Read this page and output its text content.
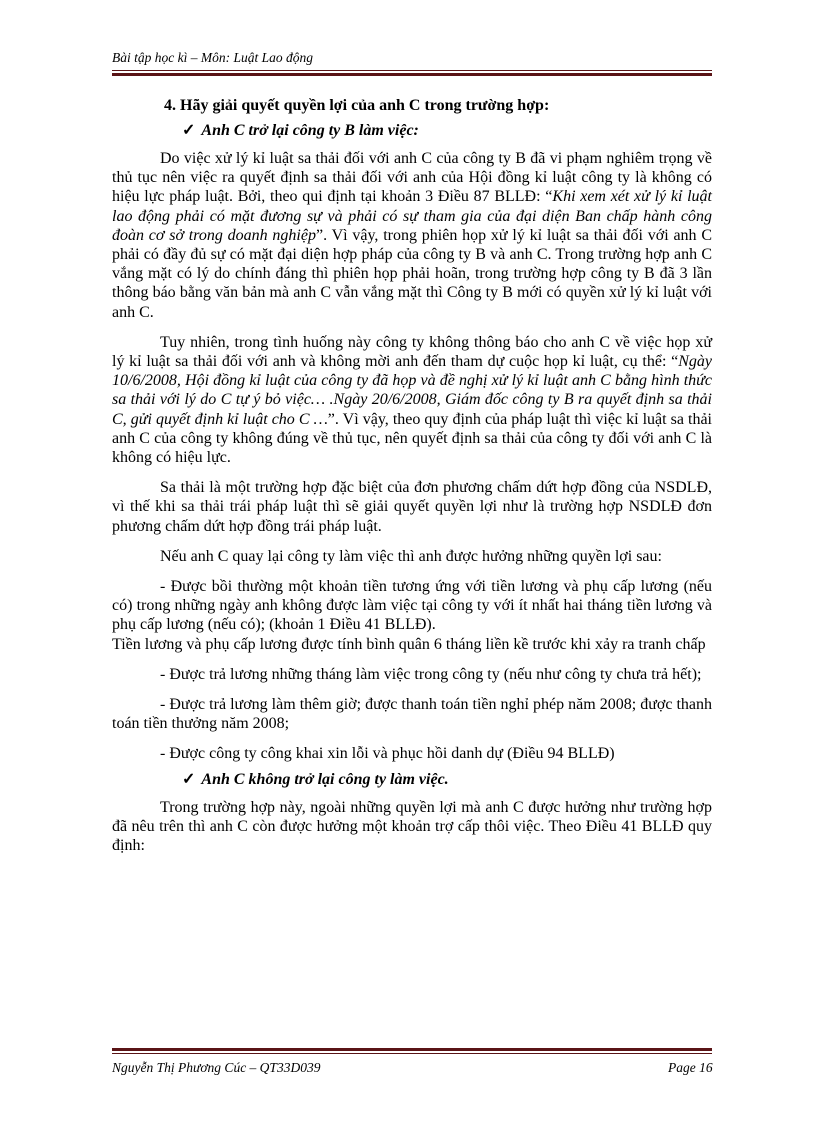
Bài tập học kì – Môn: Luật Lao động
4. Hãy giải quyết quyền lợi của anh C trong trường hợp:
✓ Anh C trở lại công ty B làm việc:

Do việc xử lý kỉ luật sa thải đối với anh C của công ty B đã vi phạm nghiêm trọng về thủ tục nên việc ra quyết định sa thải đối với anh của Hội đồng kỉ luật công ty là không có hiệu lực pháp luật. Bởi, theo qui định tại khoản 3 Điều 87 BLLĐ: “Khi xem xét xử lý kỉ luật lao động phải có mặt đương sự và phải có sự tham gia của đại diện Ban chấp hành công đoàn cơ sở trong doanh nghiệp”. Vì vậy, trong phiên họp xử lý kỉ luật sa thải đối với anh C phải có đầy đủ sự có mặt đại diện hợp pháp của công ty B và anh C. Trong trường hợp anh C vắng mặt có lý do chính đáng thì phiên họp phải hoãn, trong trường hợp công ty B đã 3 lần thông báo bằng văn bản mà anh C vẫn vắng mặt thì Công ty B mới có quyền xử lý kỉ luật với anh C.

Tuy nhiên, trong tình huống này công ty không thông báo cho anh C về việc họp xử lý kỉ luật sa thải đối với anh và không mời anh đến tham dự cuộc họp kỉ luật, cụ thể: “Ngày 10/6/2008, Hội đồng kỉ luật của công ty đã họp và đề nghị xử lý kỉ luật anh C bằng hình thức sa thải với lý do C tự ý bỏ việc… .Ngày 20/6/2008, Giám đốc công ty B ra quyết định sa thải C, gửi quyết định kỉ luật cho C …”. Vì vậy, theo quy định của pháp luật thì việc kỉ luật sa thải anh C của công ty không đúng về thủ tục, nên quyết định sa thải của công ty đối với anh C là không có hiệu lực.

Sa thải là một trường hợp đặc biệt của đơn phương chấm dứt hợp đồng của NSDLĐ, vì thế khi sa thải trái pháp luật thì sẽ giải quyết quyền lợi như là trường hợp NSDLĐ đơn phương chấm dứt hợp đồng trái pháp luật.

Nếu anh C quay lại công ty làm việc thì anh được hưởng những quyền lợi sau:

- Được bồi thường một khoản tiền tương ứng với tiền lương và phụ cấp lương (nếu có) trong những ngày anh không được làm việc tại công ty với ít nhất hai tháng tiền lương và phụ cấp lương (nếu có); (khoản 1 Điều 41 BLLĐ).

Tiền lương và phụ cấp lương được tính bình quân 6 tháng liền kề trước khi xảy ra tranh chấp

- Được trả lương những tháng làm việc trong công ty (nếu như công ty chưa trả hết);

- Được trả lương làm thêm giờ; được thanh toán tiền nghỉ phép năm 2008; được thanh toán tiền thưởng năm 2008;

- Được công ty công khai xin lỗi và phục hồi danh dự (Điều 94 BLLĐ)

✓ Anh C không trở lại công ty làm việc.

Trong trường hợp này, ngoài những quyền lợi mà anh C được hưởng như trường hợp đã nêu trên thì anh C còn được hưởng một khoản trợ cấp thôi việc. Theo Điều 41 BLLĐ quy định:

Nguyễn Thị Phương Cúc – QT33D039	Page 16
